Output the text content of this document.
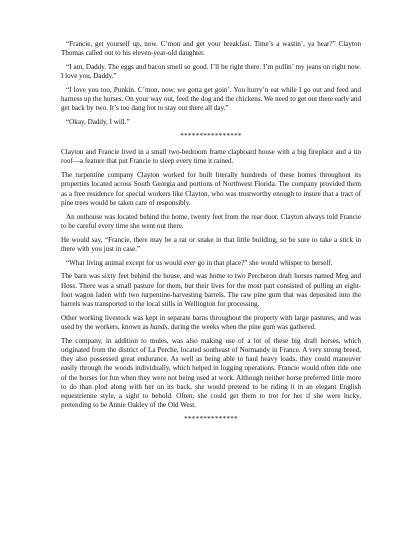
“Francie, get yourself up, now. C’mon and get your breakfast. Time’s a wastin’, ya hear?” Clayton Thomas called out to his eleven-year-old daughter.

“I am, Daddy. The eggs and bacon smell so good. I’ll be right there. I’m pullin’ my jeans on right now. I love you, Daddy.”

“I love you too, Punkin. C’mon, now, we gotta get goin’. You hurry’n eat while I go out and feed and harness up the horses. On your way out, feed the dog and the chickens. We need to get out there early and get back by two. It’s too dang hot to stay out there all day.”

“Okay, Daddy, I will.”

****************

Clayton and Francie lived in a small two-bedroom frame clapboard house with a big fireplace and a tin roof—a feature that put Francie to sleep every time it rained.

The turpentine company Clayton worked for built literally hundreds of these homes throughout its properties located across South Georgia and portions of Northwest Florida. The company provided them as a free residence for special workers like Clayton, who was trustworthy enough to insure that a tract of pine trees would be taken care of responsibly.

An outhouse was located behind the home, twenty feet from the rear door. Clayton always told Francie to be careful every time she went out there.

He would say, “Francie, there may be a rat or snake in that little building, so be sure to take a stick in there with you just in case.”

“What living animal except for us would ever go in that place?” she would whisper to herself.

The barn was sixty feet behind the house, and was home to two Percheron draft horses named Meg and Hoss. There was a small pasture for them, but their lives for the most part consisted of pulling an eight-foot wagon laden with two turpentine-harvesting barrels. The raw pine gum that was deposited into the barrels was transported to the local stills in Wellington for processing.

Other working livestock was kept in separate barns throughout the property with large pastures, and was used by the workers, known as hands, during the weeks when the pine gum was gathered.

The company, in addition to mules, was also making use of a lot of these big draft horses, which originated from the district of La Perche, located southeast of Normandy in France. A very strong breed, they also possessed great endurance. As well as being able to haul heavy loads, they could maneuver easily through the woods individually, which helped in logging operations. Francie would often ride one of the horses for fun when they were not being used at work. Although neither horse preferred little more to do than plod along with her on its back, she would pretend to be riding it in an elegant English equestrienne style, a sight to behold. Often, she could get them to trot for her if she were lucky, pretending to be Annie Oakley of the Old West.

**************
